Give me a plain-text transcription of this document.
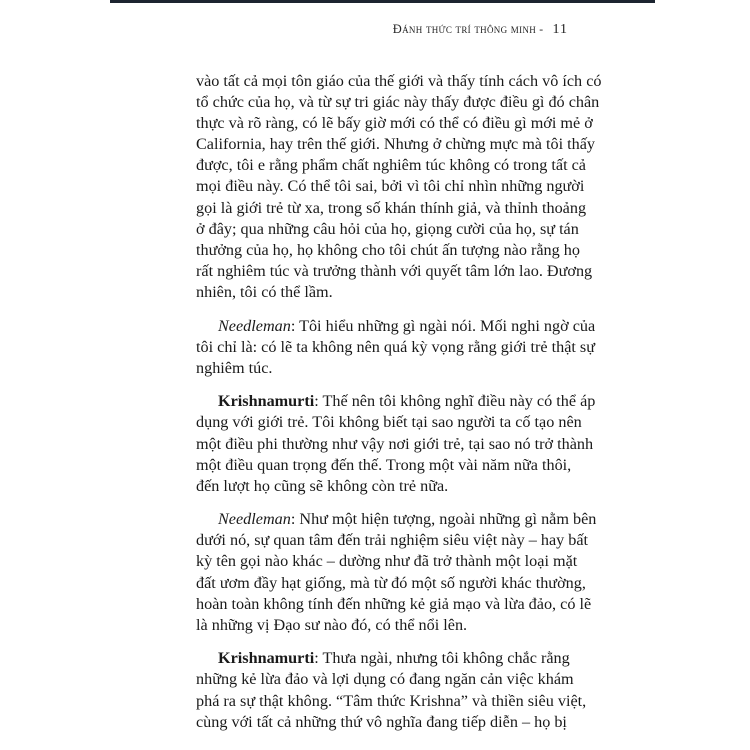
Đánh thức trí thông minh - 11
vào tất cả mọi tôn giáo của thế giới và thấy tính cách vô ích có
tổ chức của họ, và từ sự tri giác này thấy được điều gì đó chân
thực và rõ ràng, có lẽ bấy giờ mới có thể có điều gì mới mẻ ở
California, hay trên thế giới. Nhưng ở chừng mực mà tôi thấy
được, tôi e rằng phẩm chất nghiêm túc không có trong tất cả
mọi điều này. Có thể tôi sai, bởi vì tôi chỉ nhìn những người
gọi là giới trẻ từ xa, trong số khán thính giả, và thỉnh thoảng
ở đây; qua những câu hỏi của họ, giọng cười của họ, sự tán
thưởng của họ, họ không cho tôi chút ấn tượng nào rằng họ
rất nghiêm túc và trưởng thành với quyết tâm lớn lao. Đương
nhiên, tôi có thể lầm.
Needleman: Tôi hiểu những gì ngài nói. Mối nghi ngờ của
tôi chỉ là: có lẽ ta không nên quá kỳ vọng rằng giới trẻ thật sự
nghiêm túc.
Krishnamurti: Thế nên tôi không nghĩ điều này có thể áp
dụng với giới trẻ. Tôi không biết tại sao người ta cố tạo nên
một điều phi thường như vậy nơi giới trẻ, tại sao nó trở thành
một điều quan trọng đến thế. Trong một vài năm nữa thôi,
đến lượt họ cũng sẽ không còn trẻ nữa.
Needleman: Như một hiện tượng, ngoài những gì nằm bên
dưới nó, sự quan tâm đến trải nghiệm siêu việt này – hay bất
kỳ tên gọi nào khác – dường như đã trở thành một loại mặt
đất ươm đầy hạt giống, mà từ đó một số người khác thường,
hoàn toàn không tính đến những kẻ giả mạo và lừa đảo, có lẽ
là những vị Đạo sư nào đó, có thể nổi lên.
Krishnamurti: Thưa ngài, nhưng tôi không chắc rằng
những kẻ lừa đảo và lợi dụng có đang ngăn cản việc khám
phá ra sự thật không. “Tâm thức Krishna” và thiền siêu việt,
cùng với tất cả những thứ vô nghĩa đang tiếp diễn – họ bị
